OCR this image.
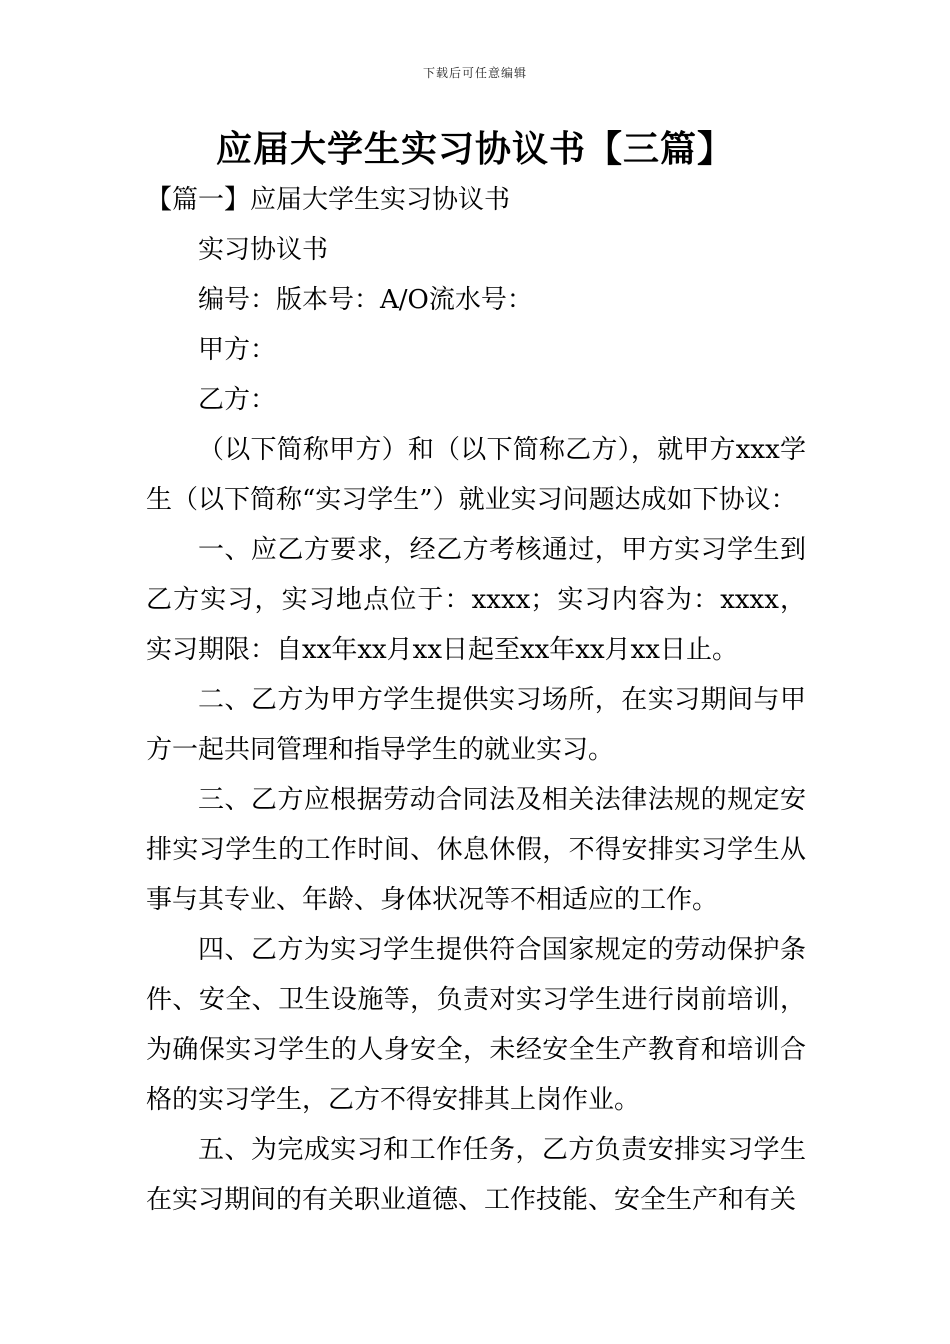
下载后可任意编辑
应届大学生实习协议书【三篇】

【篇一】应届大学生实习协议书

实习协议书

编号：版本号：A/O流水号：

甲方：

乙方：

（以下简称甲方）和（以下简称乙方），就甲方xxx学生（以下简称“实习学生”）就业实习问题达成如下协议：

一、应乙方要求，经乙方考核通过，甲方实习学生到乙方实习，实习地点位于：xxxx；实习内容为：xxxx，实习期限：自xx年xx月xx日起至xx年xx月xx日止。

二、乙方为甲方学生提供实习场所，在实习期间与甲方一起共同管理和指导学生的就业实习。

三、乙方应根据劳动合同法及相关法律法规的规定安排实习学生的工作时间、休息休假，不得安排实习学生从事与其专业、年龄、身体状况等不相适应的工作。

四、乙方为实习学生提供符合国家规定的劳动保护条件、安全、卫生设施等，负责对实习学生进行岗前培训，为确保实习学生的人身安全，未经安全生产教育和培训合格的实习学生，乙方不得安排其上岗作业。

五、为完成实习和工作任务，乙方负责安排实习学生在实习期间的有关职业道德、工作技能、安全生产和有关
